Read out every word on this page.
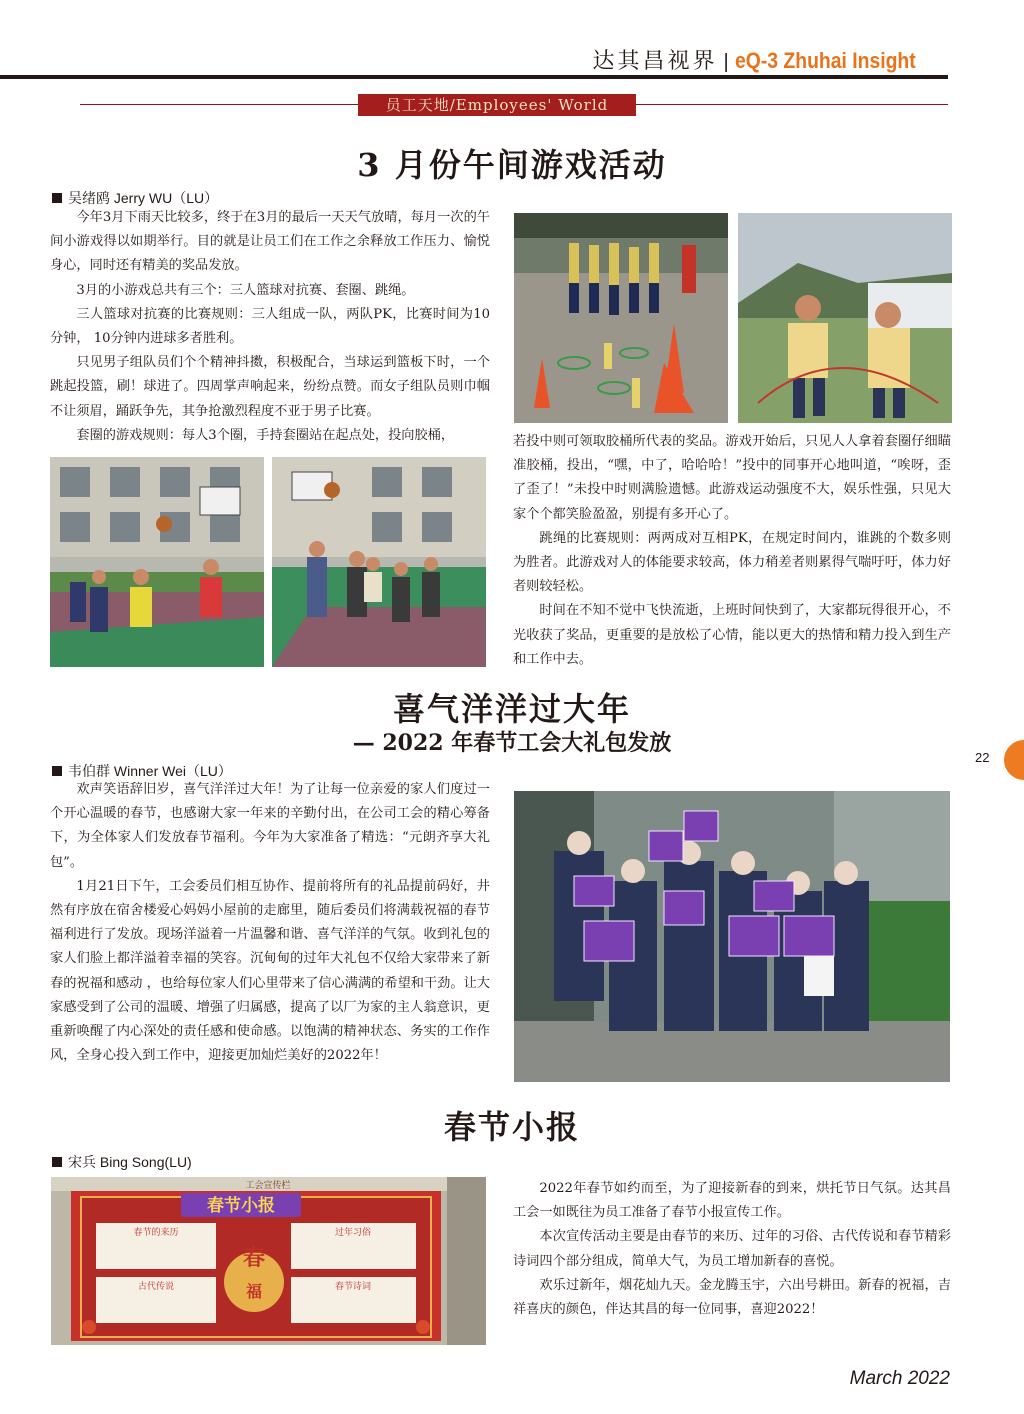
达其昌视界 | eQ-3 Zhuhai Insight
员工天地/Employees' World
3 月份午间游戏活动
吴绪鸥 Jerry WU（LU）

今年3月下雨天比较多，终于在3月的最后一天天气放晴，每月一次的午间小游戏得以如期举行。目的就是让员工们在工作之余释放工作压力、愉悦身心，同时还有精美的奖品发放。

3月的小游戏总共有三个：三人篮球对抗赛、套圈、跳绳。

三人篮球对抗赛的比赛规则：三人组成一队，两队PK，比赛时间为10分钟， 10分钟内进球多者胜利。

只见男子组队员们个个精神抖擞，积极配合，当球运到篮板下时，一个跳起投篮，刷！球进了。四周掌声响起来，纷纷点赞。而女子组队员则巾帼不让须眉，踊跃争先，其争抢激烈程度不亚于男子比赛。

套圈的游戏规则：每人3个圈，手持套圈站在起点处，投向胶桶，	若投中则可领取胶桶所代表的奖品。游戏开始后，只见人人拿着套圈仔细瞄准胶桶，投出，“嘿，中了，哈哈哈！”投中的同事开心地叫道，“唉呀，歪了歪了！”未投中时则满脸遗憾。此游戏运动强度不大，娱乐性强，只见大家个个都笑脸盈盈，别提有多开心了。

跳绳的比赛规则：两两成对互相PK，在规定时间内，谁跳的个数多则为胜者。此游戏对人的体能要求较高，体力稍差者则累得气喘吁吁，体力好者则较轻松。

时间在不知不觉中飞快流逝，上班时间快到了，大家都玩得很开心，不光收获了奖品，更重要的是放松了心情，能以更大的热情和精力投入到生产和工作中去。

喜气洋洋过大年
— 2022 年春节工会大礼包发放
韦伯群 Winner Wei（LU）

欢声笑语辞旧岁，喜气洋洋过大年！为了让每一位亲爱的家人们度过一个开心温暖的春节，也感谢大家一年来的辛勤付出，在公司工会的精心筹备下，为全体家人们发放春节福利。今年为大家准备了精选：“元朗齐享大礼包”。

1月21日下午，工会委员们相互协作、提前将所有的礼品提前码好，井然有序放在宿舍楼爱心妈妈小屋前的走廊里，随后委员们将满载祝福的春节福利进行了发放。现场洋溢着一片温馨和谐、喜气洋洋的气氛。收到礼包的家人们脸上都洋溢着幸福的笑容。沉甸甸的过年大礼包不仅给大家带来了新春的祝福和感动 ，也给每位家人们心里带来了信心满满的希望和干劲。让大家感受到了公司的温暖、增强了归属感，提高了以厂为家的主人翁意识，更重新唤醒了内心深处的责任感和使命感。以饱满的精神状态、务实的工作作风，全身心投入到工作中，迎接更加灿烂美好的2022年！

春节小报
宋兵 Bing Song(LU)
工会宣传栏
春节小报
春节的来历
古代传说
过年习俗
春节诗词
春
福

2022年春节如约而至，为了迎接新春的到来，烘托节日气氛。达其昌工会一如既往为员工准备了春节小报宣传工作。

本次宣传活动主要是由春节的来历、过年的习俗、古代传说和春节精彩诗词四个部分组成，简单大气，为员工增加新春的喜悦。

欢乐过新年，烟花灿九天。金龙腾玉宇，六出号耕田。新春的祝福，吉祥喜庆的颜色，伴达其昌的每一位同事，喜迎2022！

22
March 2022
